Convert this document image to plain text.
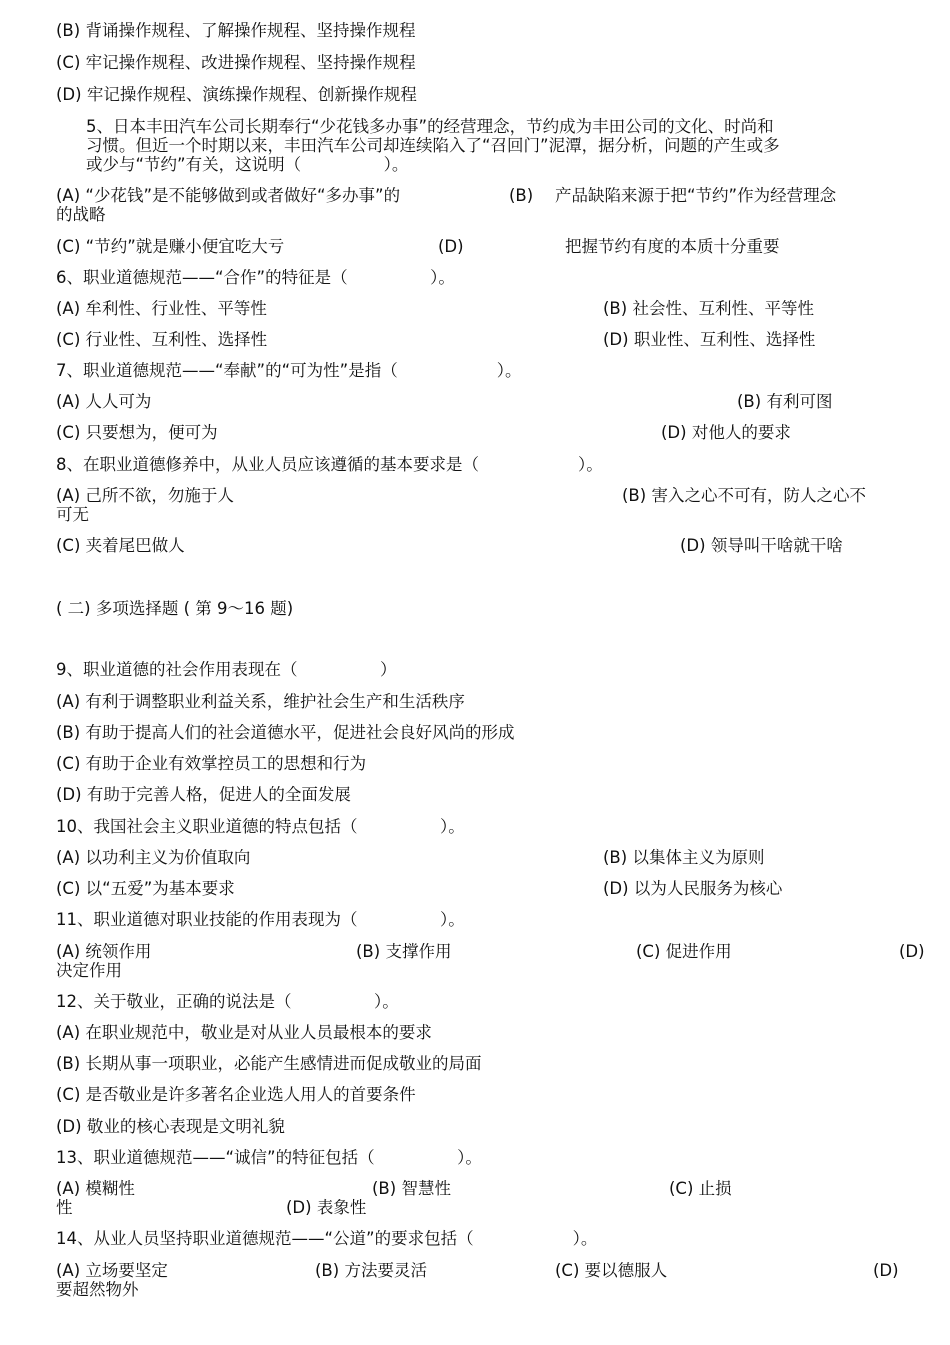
(B) 背诵操作规程、了解操作规程、坚持操作规程
(C) 牢记操作规程、改进操作规程、坚持操作规程
(D) 牢记操作规程、演练操作规程、创新操作规程
5、日本丰田汽车公司长期奉行“少花钱多办事”的经营理念，节约成为丰田公司的文化、时尚和
习惯。但近一个时期以来，丰田汽车公司却连续陷入了“召回门”泥潭，据分析，问题的产生或多
或少与“节约”有关，这说明（　　　　　）。
(A) “少花钱”是不能够做到或者做好“多办事”的	(B) 产品缺陷来源于把“节约”作为经营理念
的战略
(C) “节约”就是赚小便宜吃大亏	(D)	把握节约有度的本质十分重要
6、职业道德规范——“合作”的特征是（　　　　　）。
(A) 牟利性、行业性、平等性	(B) 社会性、互利性、平等性
(C) 行业性、互利性、选择性	(D) 职业性、互利性、选择性
7、职业道德规范——“奉献”的“可为性”是指（　　　　　　）。
(A) 人人可为	(B) 有利可图
(C) 只要想为，便可为	(D) 对他人的要求
8、在职业道德修养中，从业人员应该遵循的基本要求是（　　　　　　）。
(A) 己所不欲，勿施于人	(B) 害入之心不可有，防人之心不
可无
(C) 夹着尾巴做人	(D) 领导叫干啥就干啥
( 二) 多项选择题 ( 第 9～16 题)
9、职业道德的社会作用表现在（　　　　　）
(A) 有利于调整职业利益关系，维护社会生产和生活秩序
(B) 有助于提高人们的社会道德水平，促进社会良好风尚的形成
(C) 有助于企业有效掌控员工的思想和行为
(D) 有助于完善人格，促进人的全面发展
10、我国社会主义职业道德的特点包括（　　　　　）。
(A) 以功利主义为价值取向	(B) 以集体主义为原则
(C) 以“五爱”为基本要求	(D) 以为人民服务为核心
11、职业道德对职业技能的作用表现为（　　　　　）。
(A) 统领作用	(B) 支撑作用	(C) 促进作用	(D)
决定作用
12、关于敬业，正确的说法是（　　　　　）。
(A) 在职业规范中，敬业是对从业人员最根本的要求
(B) 长期从事一项职业，必能产生感情进而促成敬业的局面
(C) 是否敬业是许多著名企业选人用人的首要条件
(D) 敬业的核心表现是文明礼貌
13、职业道德规范——“诚信”的特征包括（　　　　　）。
(A) 模糊性	(B) 智慧性	(C) 止损
性	(D) 表象性
14、从业人员坚持职业道德规范——“公道”的要求包括（　　　　　　）。
(A) 立场要坚定	(B) 方法要灵活	(C) 要以德服人	(D)
要超然物外
